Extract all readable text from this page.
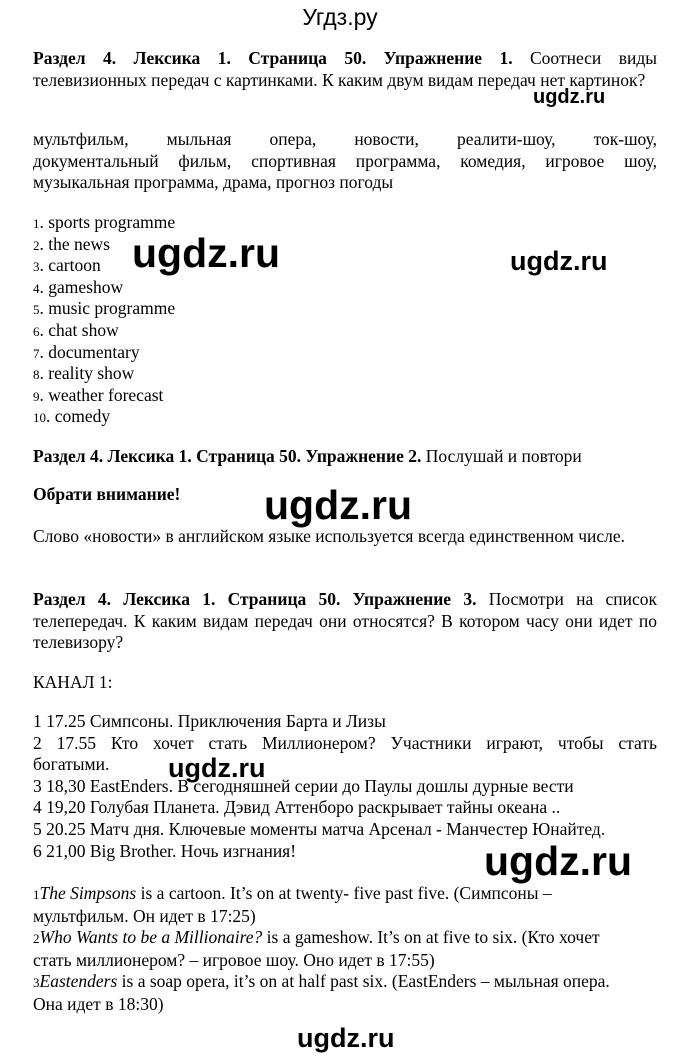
Угдз.ру
Раздел 4. Лексика 1. Страница 50. Упражнение 1. Соотнеси виды телевизионных передач с картинками. К каким двум видам передач нет картинок?
ugdz.ru
мультфильм, мыльная опера, новости, реалити-шоу, ток-шоу,
документальный фильм, спортивная программа, комедия, игровое шоу,
музыкальная программа, драма, прогноз погоды
1. sports programme
2. the news
3. cartoon
4. gameshow
5. music programme
6. chat show
7. documentary
8. reality show
9. weather forecast
10. comedy
ugdz.ru	ugdz.ru
Раздел 4. Лексика 1. Страница 50. Упражнение 2. Послушай и повтори
Обрати внимание!	ugdz.ru
Слово «новости» в английском языке используется всегда единственном числе.
Раздел 4. Лексика 1. Страница 50. Упражнение 3. Посмотри на список телепередач. К каким видам передач они относятся? В котором часу они идет по телевизору?
КАНАЛ 1:
1 17.25 Симпсоны. Приключения Барта и Лизы
2 17.55 Кто хочет стать Миллионером? Участники играют, чтобы стать
богатыми.
3 18,30 EastEnders. В сегодняшней серии до Паулы дошлы дурные вести
4 19,20 Голубая Планета. Дэвид Аттенборо раскрывает тайны океана ..
5 20.25 Матч дня. Ключевые моменты матча Арсенал - Манчестер Юнайтед.
6 21,00 Big Brother. Ночь изгнания!
ugdz.ru
ugdz.ru
1The Simpsons is a cartoon. It’s on at twenty- five past five. (Симпсоны –
мультфильм. Он идет в 17:25)
2Who Wants to be a Millionaire? is a gameshow. It’s on at five to six. (Кто хочет
стать миллионером? – игровое шоу. Оно идет в 17:55)
3Eastenders is a soap opera, it’s on at half past six. (EastEnders – мыльная опера.
Она идет в 18:30)
ugdz.ru
